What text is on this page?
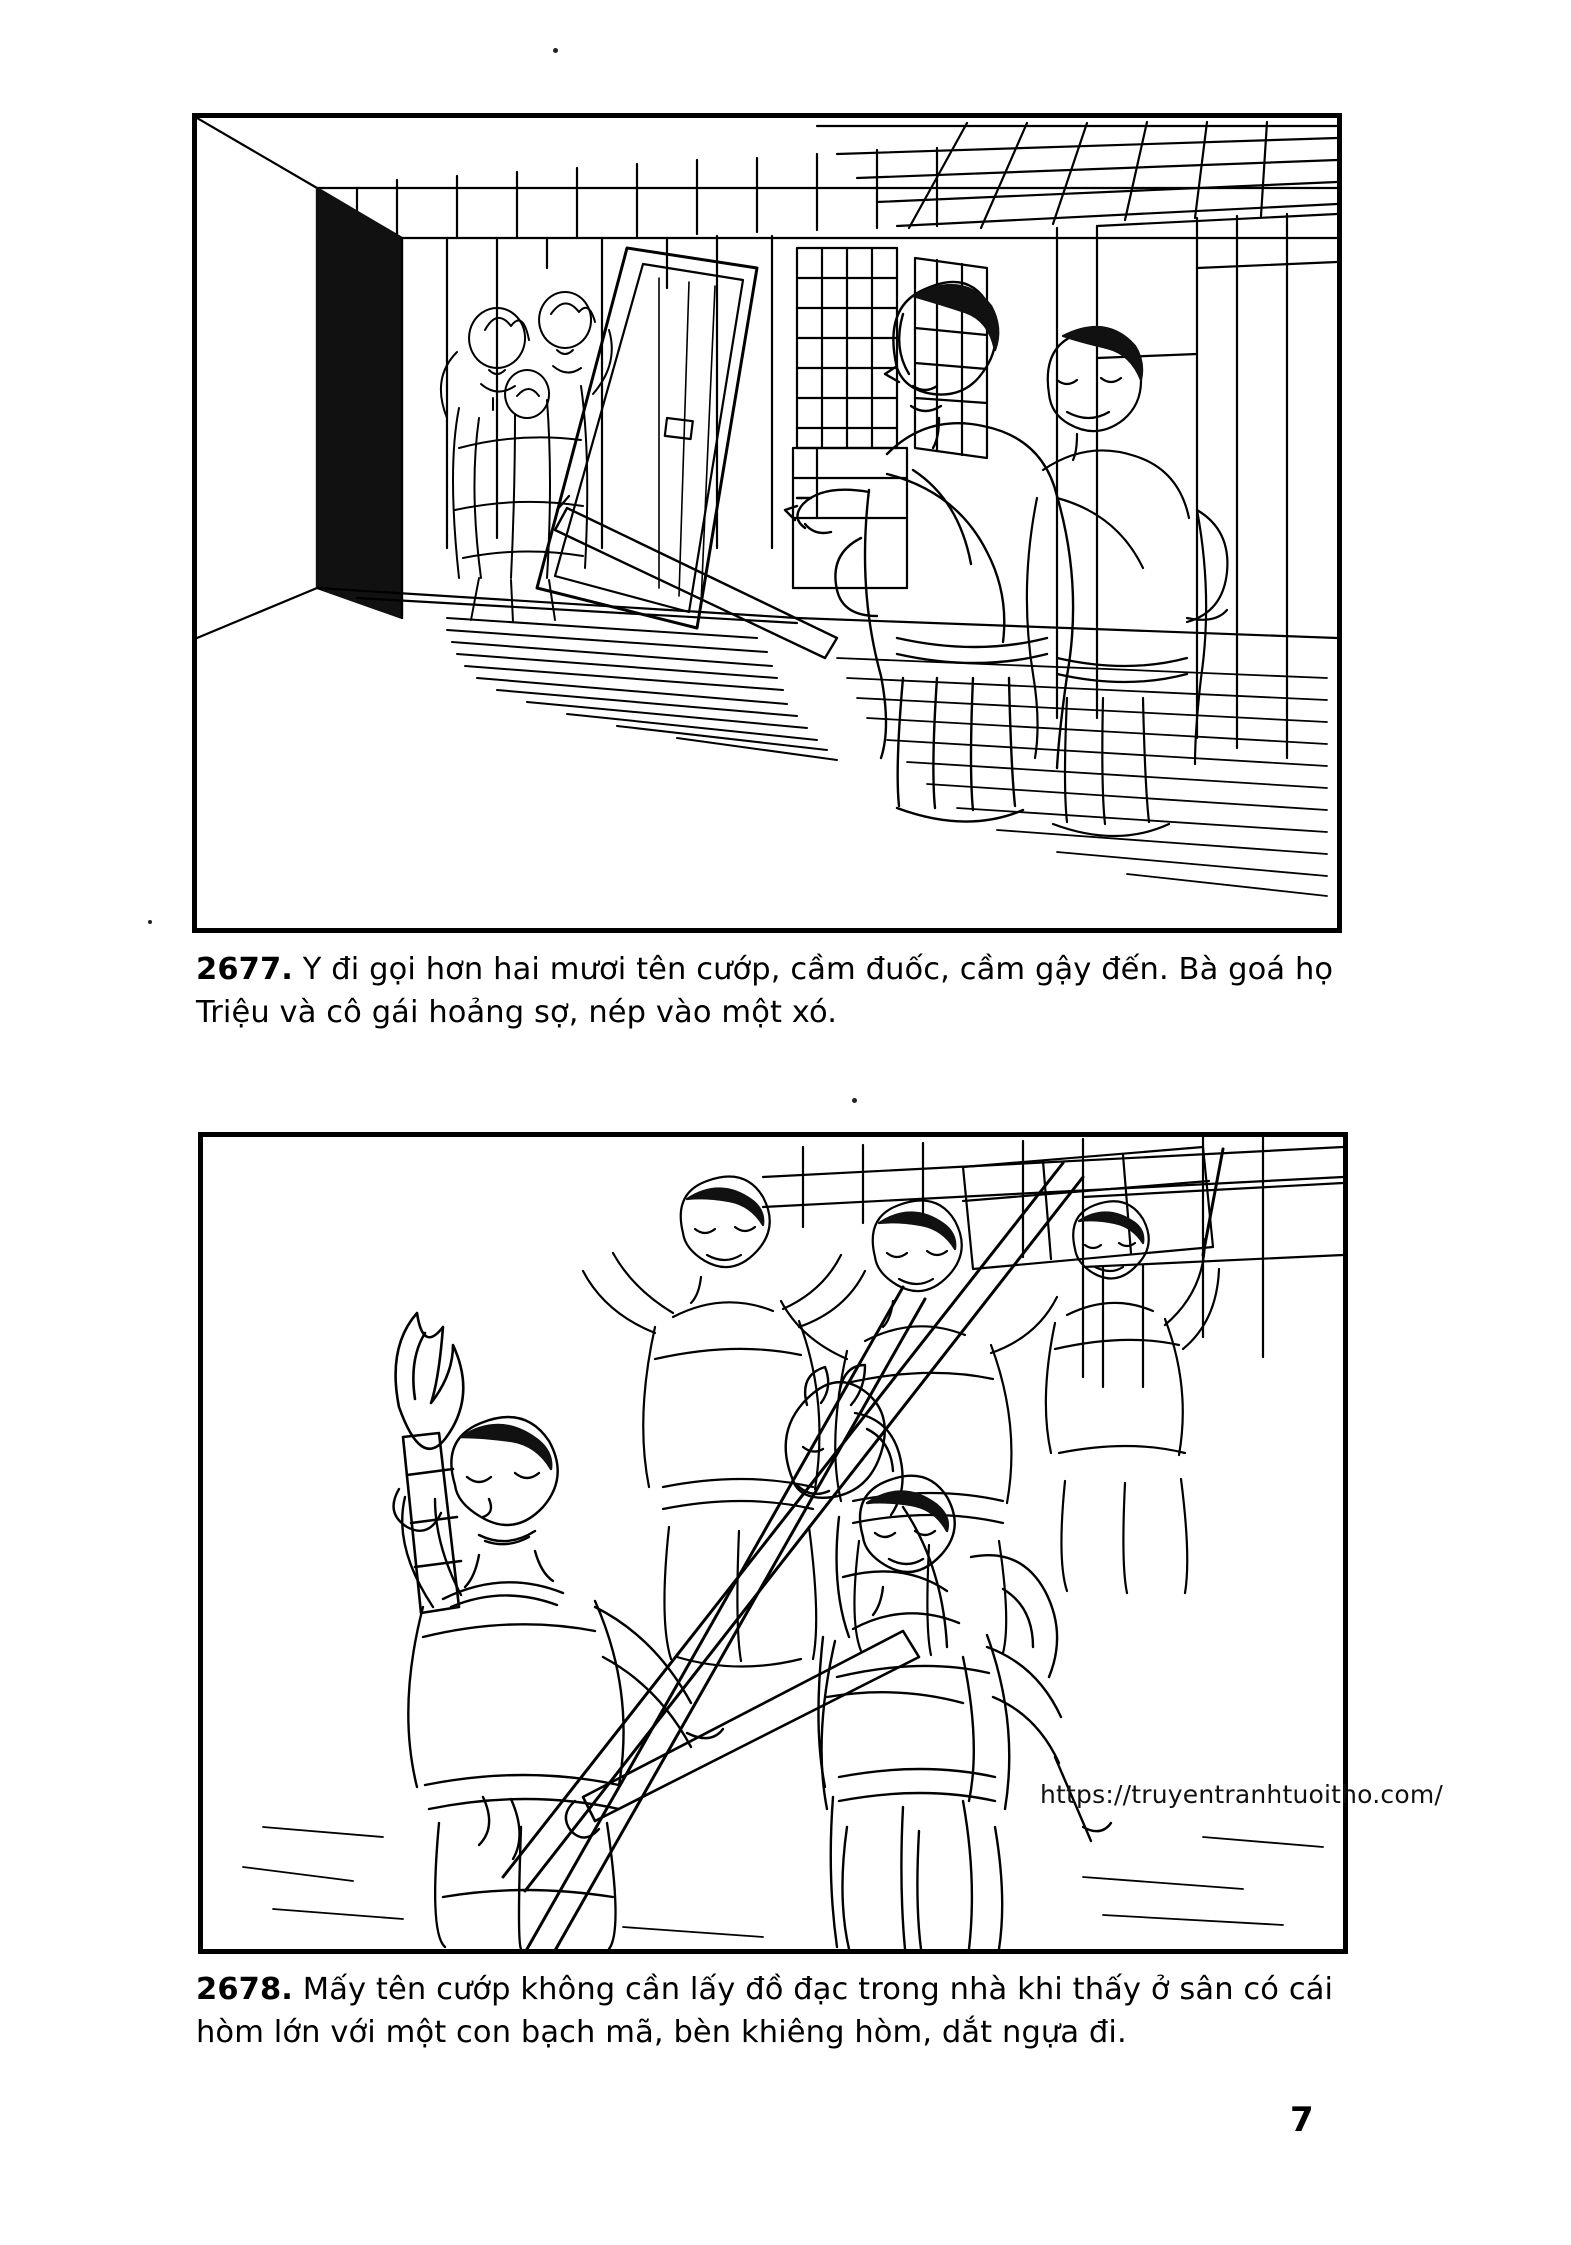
2677. Y đi gọi hơn hai mươi tên cướp, cầm đuốc, cầm gậy đến. Bà goá họ Triệu và cô gái hoảng sợ, nép vào một xó.
https://truyentranhtuoitho.com/
2678. Mấy tên cướp không cần lấy đồ đạc trong nhà khi thấy ở sân có cái hòm lớn với một con bạch mã, bèn khiêng hòm, dắt ngựa đi.
7
